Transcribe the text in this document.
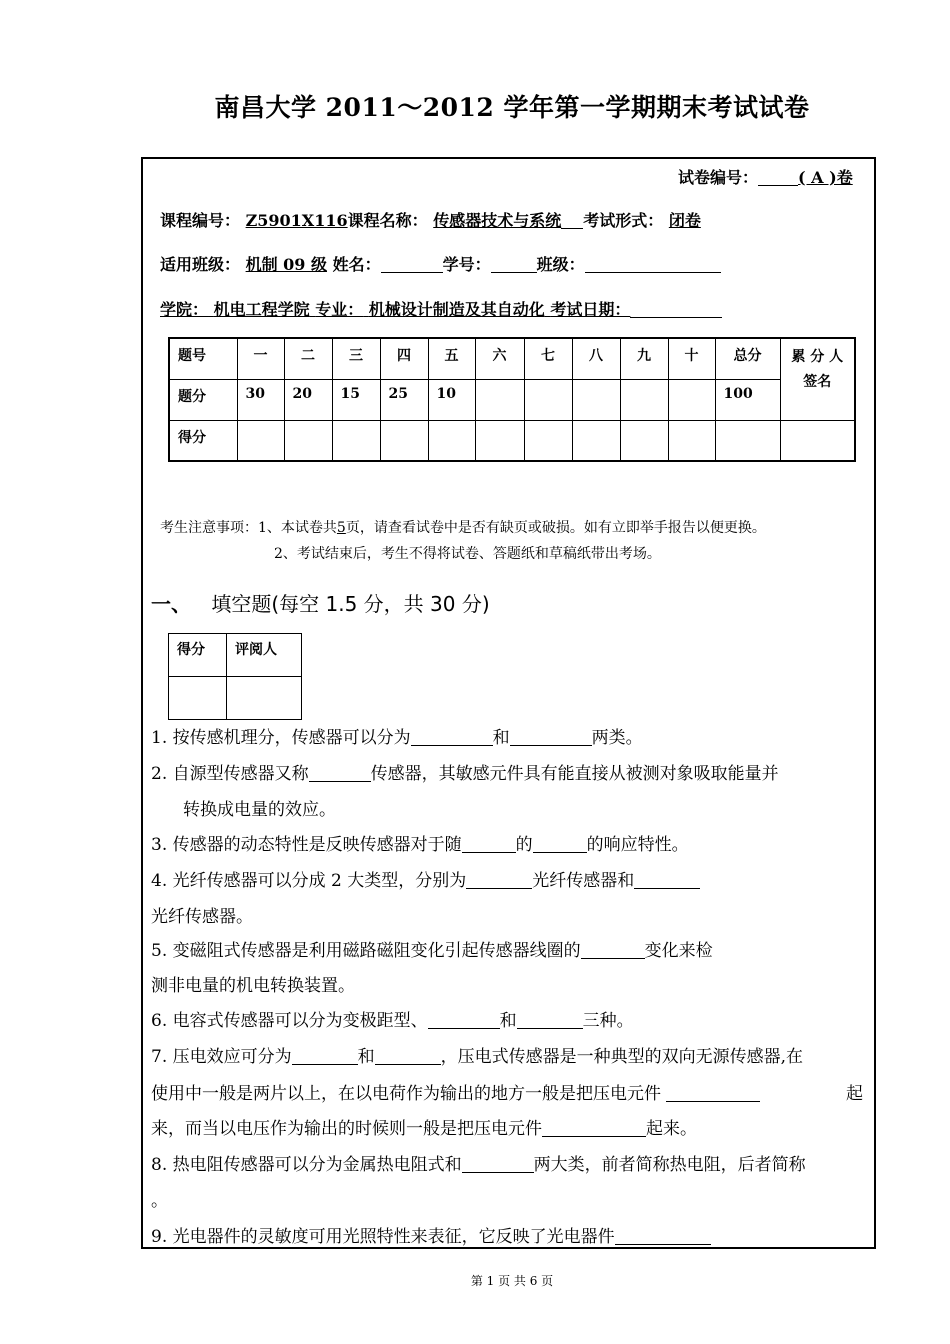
南昌大学 2011～2012 学年第一学期期末考试试卷
试卷编号：	( A )卷
课程编号： Z5901X116课程名称： 传感器技术与系统 考试形式： 闭卷
适用班级： 机制 09 级 姓名：	学号：	班级：
学院： 机电工程学院 专业： 机械设计制造及其自动化 考试日期：
题号	一	二	三	四	五	六	七	八	九	十	总分	累 分 人
签名

题分	30	20	15	25	10						100	
得分												
考生注意事项：1、本试卷共5页，请查看试卷中是否有缺页或破损。如有立即举手报告以便更换。
2、考试结束后，考生不得将试卷、答题纸和草稿纸带出考场。
一、 填空题(每空 1.5 分，共 30 分)
得分	评阅人

1. 按传感机理分，传感器可以分为	和	两类。
2. 自源型传感器又称	传感器，其敏感元件具有能直接从被测对象吸取能量并
转换成电量的效应。
3. 传感器的动态特性是反映传感器对于随	的	的响应特性。
4. 光纤传感器可以分成 2 大类型，分别为	光纤传感器和
光纤传感器。
5. 变磁阻式传感器是利用磁路磁阻变化引起传感器线圈的	变化来检
测非电量的机电转换装置。
6. 电容式传感器可以分为变极距型、	和	三种。
7. 压电效应可分为	和	，压电式传感器是一种典型的双向无源传感器,在
使用中一般是两片以上，在以电荷作为输出的地方一般是把压电元件	起
来，而当以电压作为输出的时候则一般是把压电元件	起来。
8. 热电阻传感器可以分为金属热电阻式和	两大类，前者简称热电阻，后者简称
。
9. 光电器件的灵敏度可用光照特性来表征，它反映了光电器件
第 1 页 共 6 页
